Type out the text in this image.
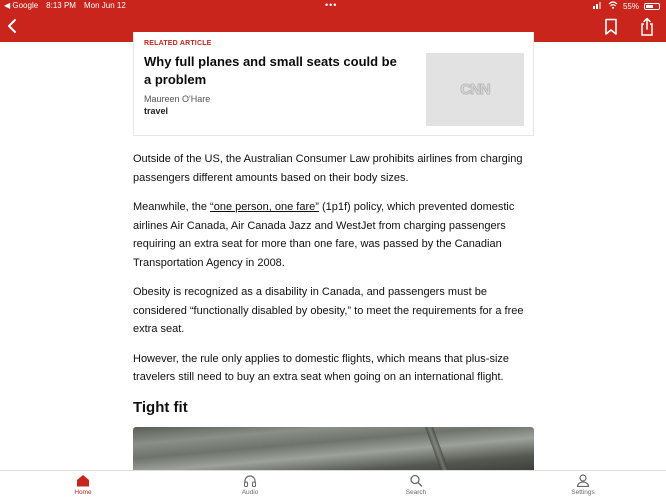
◀ Google 8:13 PM Mon Jun 12	•••	55%
RELATED ARTICLE
Why full planes and small seats could be a problem
Maureen O'Hare
travel
CNN

Outside of the US, the Australian Consumer Law prohibits airlines from charging passengers different amounts based on their body sizes.

Meanwhile, the “one person, one fare” (1p1f) policy, which prevented domestic airlines Air Canada, Air Canada Jazz and WestJet from charging passengers requiring an extra seat for more than one fare, was passed by the Canadian Transportation Agency in 2008.

Obesity is recognized as a disability in Canada, and passengers must be considered “functionally disabled by obesity,” to meet the requirements for a free extra seat.

However, the rule only applies to domestic flights, which means that plus-size travelers still need to buy an extra seat when going on an international flight.

Tight fit
Home	Audio	Search	Settings
